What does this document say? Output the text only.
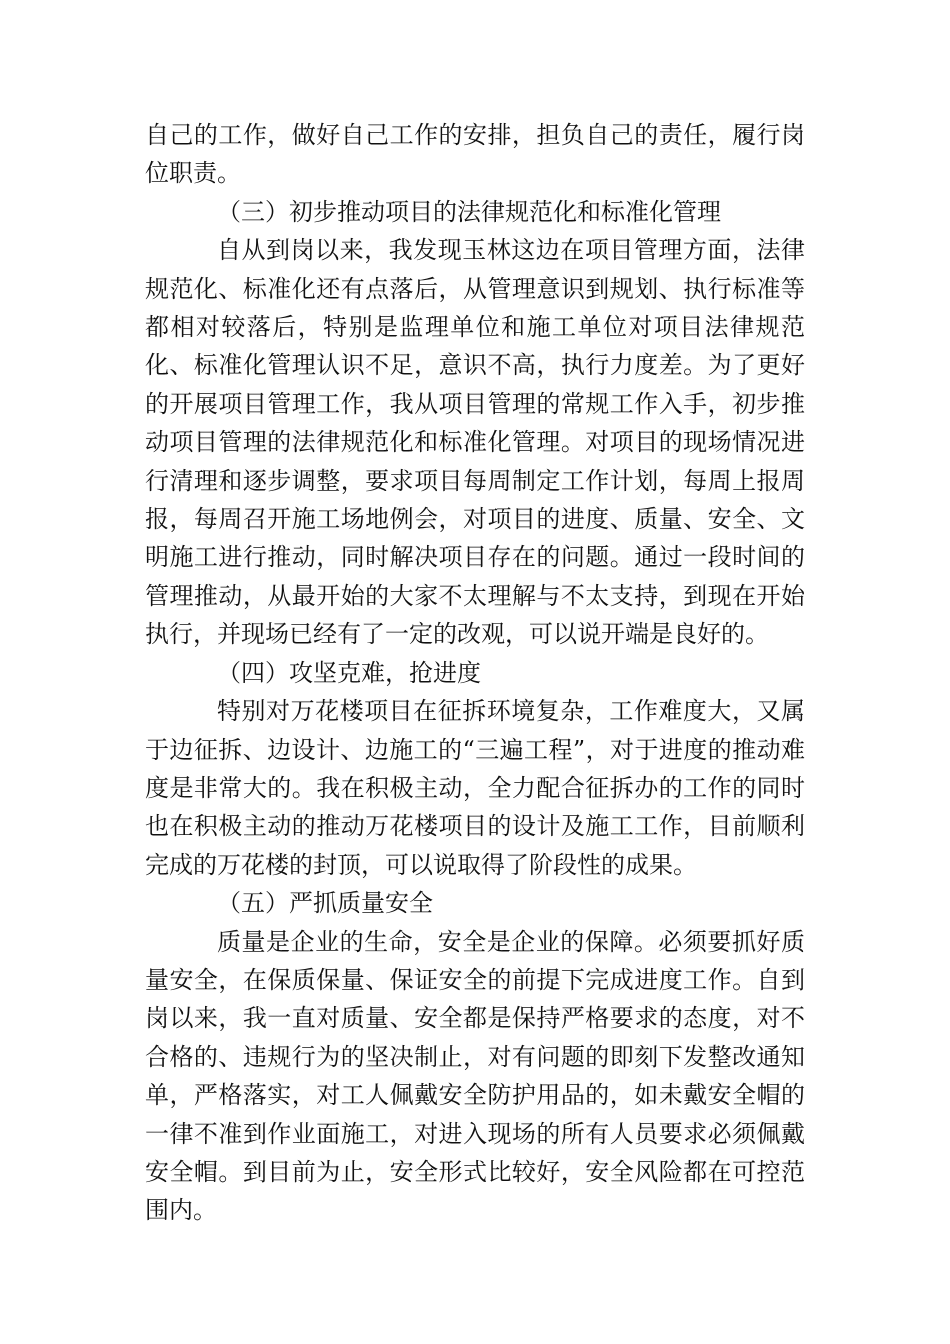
自己的工作，做好自己工作的安排，担负自己的责任，履行岗位职责。

（三）初步推动项目的法律规范化和标准化管理

自从到岗以来，我发现玉林这边在项目管理方面，法律规范化、标准化还有点落后，从管理意识到规划、执行标准等都相对较落后，特别是监理单位和施工单位对项目法律规范化、标准化管理认识不足，意识不高，执行力度差。为了更好的开展项目管理工作，我从项目管理的常规工作入手，初步推动项目管理的法律规范化和标准化管理。对项目的现场情况进行清理和逐步调整，要求项目每周制定工作计划，每周上报周报，每周召开施工场地例会，对项目的进度、质量、安全、文明施工进行推动，同时解决项目存在的问题。通过一段时间的管理推动，从最开始的大家不太理解与不太支持，到现在开始执行，并现场已经有了一定的改观，可以说开端是良好的。

（四）攻坚克难，抢进度

特别对万花楼项目在征拆环境复杂，工作难度大，又属于边征拆、边设计、边施工的“三遍工程”，对于进度的推动难度是非常大的。我在积极主动，全力配合征拆办的工作的同时也在积极主动的推动万花楼项目的设计及施工工作，目前顺利完成的万花楼的封顶，可以说取得了阶段性的成果。

（五）严抓质量安全

质量是企业的生命，安全是企业的保障。必须要抓好质量安全，在保质保量、保证安全的前提下完成进度工作。自到岗以来，我一直对质量、安全都是保持严格要求的态度，对不合格的、违规行为的坚决制止，对有问题的即刻下发整改通知单，严格落实，对工人佩戴安全防护用品的，如未戴安全帽的一律不准到作业面施工，对进入现场的所有人员要求必须佩戴安全帽。到目前为止，安全形式比较好，安全风险都在可控范围内。
